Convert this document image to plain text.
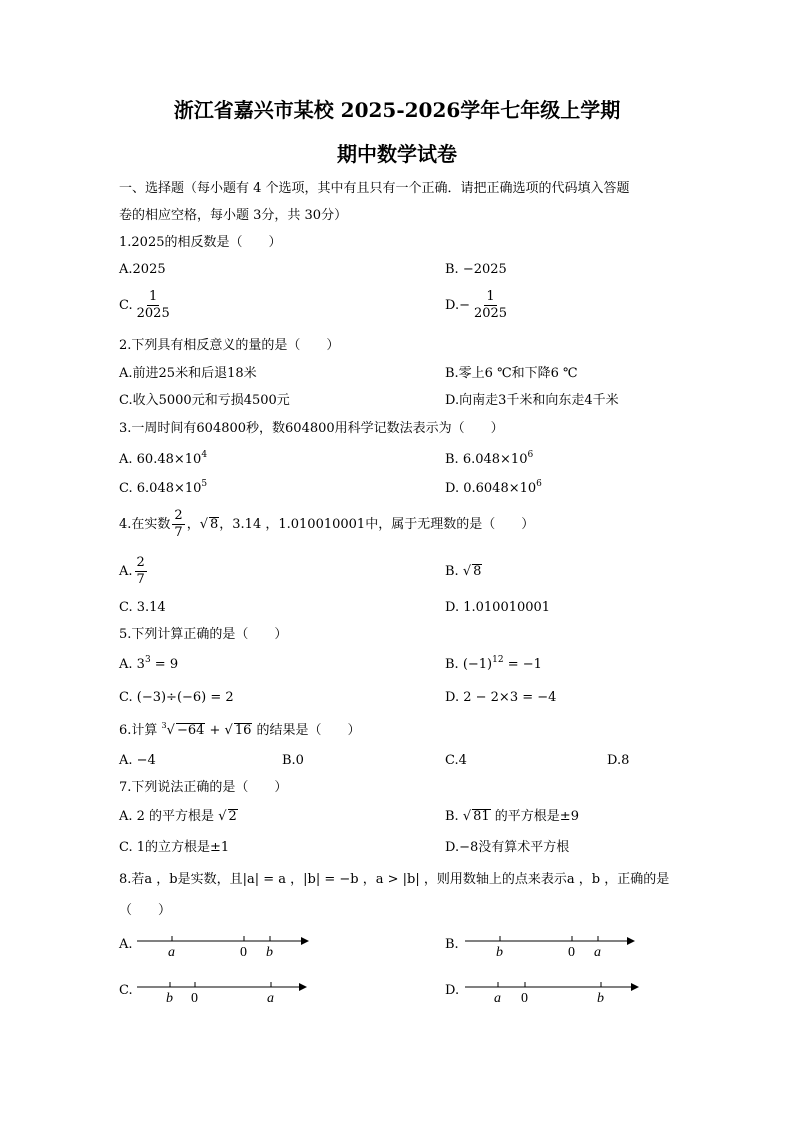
浙江省嘉兴市某校 2025-2026学年七年级上学期
期中数学试卷
一、选择题（每小题有 4 个选项，其中有且只有一个正确．请把正确选项的代码填入答题
卷的相应空格，每小题 3分，共 30分）
1.2025的相反数是（　　）
A.2025	B. −2025
C. $\frac{1}{2025}$	$D.- \frac{1}{2025}$
2.下列具有相反意义的量的是（　　）
A.前进25米和后退18米	B.零上6 ℃和下降6 ℃
C.收入5000元和亏损4500元	D.向南走3千米和向东走4千米
3.一周时间有604800秒，数604800用科学记数法表示为（　　）
A. $60.48\times 10^4$	B. $6.048\times 10^6$
C. $6.048\times 10^5$	D. $0.6048\times 10^6$
4.在实数 $\frac{2}{7}$ ，√ 8，3.14 ，1.010010001中，属于无理数的是（　　）
A. $\frac{2}{7}$	B. √ 8
C. 3.14	D. 1.010010001
5.下列计算正确的是（　　）
A. $3^3 = 9$	B. $(-1)^{12} = -1$
C. (−3)÷(−6) = 2	D. 2 − 2×3 = −4
6.计算 $^3$√ −64 + √ 16 的结果是（　　）
A. −4	B.0	C.4	D.8
7.下列说法正确的是（　　）
A. 2 的平方根是 √ 2	B. √ 81 的平方根是±9
C. 1的立方根是±1	D.−8没有算术平方根
8.若a ，b是实数，且|a| = a ，|b| = −b ，a > |b| ，则用数轴上的点来表示a ，b ，正确的是
（　　）
A.
a	0 b
B.
b	0 a
C.
b 0	a
D.
a 0	b
